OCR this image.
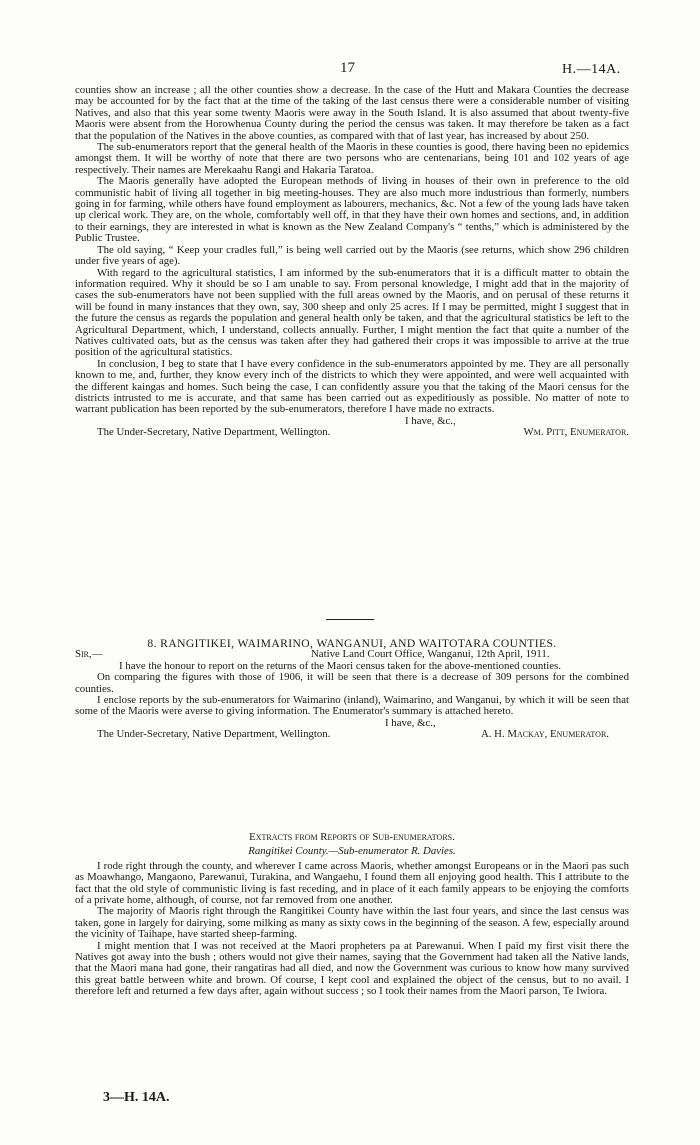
17	H.—14A.

counties show an increase ; all the other counties show a decrease. In the case of the Hutt and Makara Counties the decrease may be accounted for by the fact that at the time of the taking of the last census there were a considerable number of visiting Natives, and also that this year some twenty Maoris were away in the South Island. It is also assumed that about twenty-five Maoris were absent from the Horowhenua County during the period the census was taken. It may therefore be taken as a fact that the population of the Natives in the above counties, as compared with that of last year, has increased by about 250.

The sub-enumerators report that the general health of the Maoris in these counties is good, there having been no epidemics amongst them. It will be worthy of note that there are two persons who are centenarians, being 101 and 102 years of age respectively. Their names are Merekaahu Rangi and Hakaria Taratoa.

The Maoris generally have adopted the European methods of living in houses of their own in preference to the old communistic habit of living all together in big meeting-houses. They are also much more industrious than formerly, numbers going in for farming, while others have found employment as labourers, mechanics, &c. Not a few of the young lads have taken up clerical work. They are, on the whole, comfortably well off, in that they have their own homes and sections, and, in addition to their earnings, they are interested in what is known as the New Zealand Company's “ tenths,” which is administered by the Public Trustee.

The old saying, “ Keep your cradles full,” is being well carried out by the Maoris (see returns, which show 296 children under five years of age).

With regard to the agricultural statistics, I am informed by the sub-enumerators that it is a difficult matter to obtain the information required. Why it should be so I am unable to say. From personal knowledge, I might add that in the majority of cases the sub-enumerators have not been supplied with the full areas owned by the Maoris, and on perusal of these returns it will be found in many instances that they own, say, 300 sheep and only 25 acres. If I may be permitted, might I suggest that in the future the census as regards the population and general health only be taken, and that the agricultural statistics be left to the Agricultural Department, which, I understand, collects annually. Further, I might mention the fact that quite a number of the Natives cultivated oats, but as the census was taken after they had gathered their crops it was impossible to arrive at the true position of the agricultural statistics.

In conclusion, I beg to state that I have every confidence in the sub-enumerators appointed by me. They are all personally known to me, and, further, they know every inch of the districts to which they were appointed, and were well acquainted with the different kaingas and homes. Such being the case, I can confidently assure you that the taking of the Maori census for the districts intrusted to me is accurate, and that same has been carried out as expeditiously as possible. No matter of note to warrant publication has been reported by the sub-enumerators, therefore I have made no extracts.

I have, &c.,

The Under-Secretary, Native Department, Wellington.	Wm. Pitt, Enumerator.

8. RANGITIKEI, WAIMARINO, WANGANUI, AND WAITOTARA COUNTIES.

Sir,—	Native Land Court Office, Wanganui, 12th April, 1911.

I have the honour to report on the returns of the Maori census taken for the above-mentioned counties.

On comparing the figures with those of 1906, it will be seen that there is a decrease of 309 persons for the combined counties.

I enclose reports by the sub-enumerators for Waimarino (inland), Waimarino, and Wanganui, by which it will be seen that some of the Maoris were averse to giving information. The Enumerator's summary is attached hereto.

I have, &c.,

The Under-Secretary, Native Department, Wellington.	A. H. Mackay, Enumerator.

Extracts from Reports of Sub-enumerators.

Rangitikei County.—Sub-enumerator R. Davies.

I rode right through the county, and wherever I came across Maoris, whether amongst Europeans or in the Maori pas such as Moawhango, Mangaono, Parewanui, Turakina, and Wangaehu, I found them all enjoying good health. This I attribute to the fact that the old style of communistic living is fast receding, and in place of it each family appears to be enjoying the comforts of a private home, although, of course, not far removed from one another.

The majority of Maoris right through the Rangitikei County have within the last four years, and since the last census was taken, gone in largely for dairying, some milking as many as sixty cows in the beginning of the season. A few, especially around the vicinity of Taihape, have started sheep-farming.

I might mention that I was not received at the Maori propheters pa at Parewanui. When I paid my first visit there the Natives got away into the bush ; others would not give their names, saying that the Government had taken all the Native lands, that the Maori mana had gone, their rangatiras had all died, and now the Government was curious to know how many survived this great battle between white and brown. Of course, I kept cool and explained the object of the census, but to no avail. I therefore left and returned a few days after, again without success ; so I took their names from the Maori parson, Te Iwiora.

3—H. 14A.
